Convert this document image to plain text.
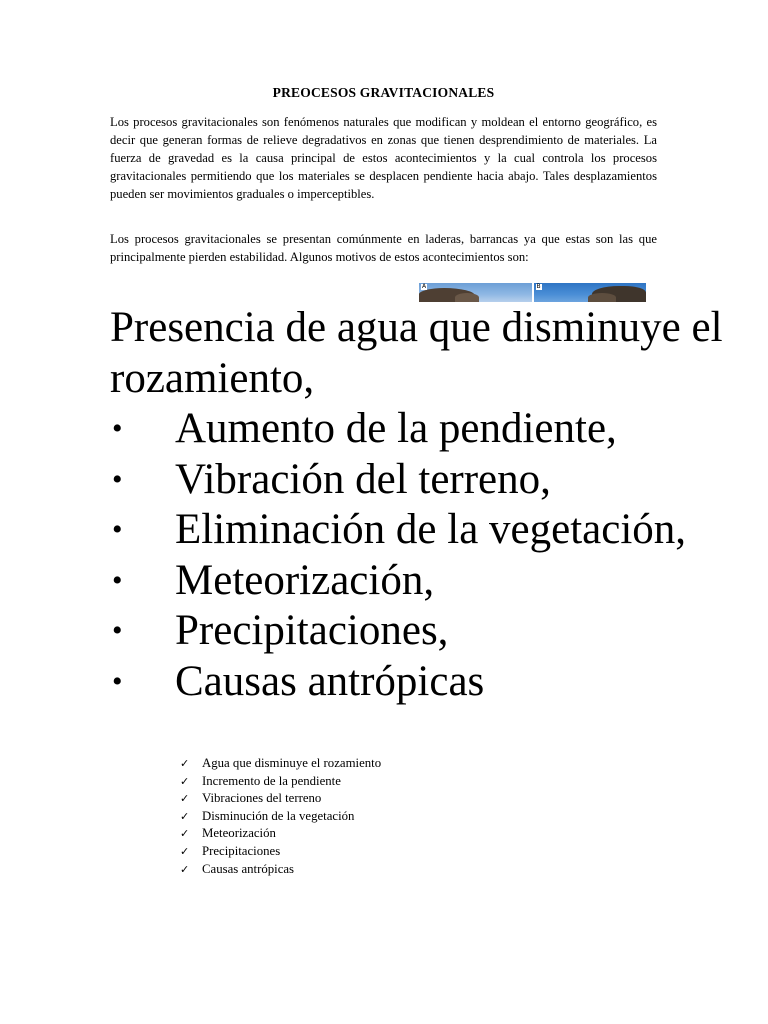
PREOCESOS GRAVITACIONALES

Los procesos gravitacionales son fenómenos naturales que modifican y moldean el entorno geográfico, es decir que generan formas de relieve degradativos en zonas que tienen desprendimiento de materiales. La fuerza de gravedad es la causa principal de estos acontecimientos y la cual controla los procesos gravitacionales permitiendo que los materiales se desplacen pendiente hacia abajo. Tales desplazamientos pueden ser movimientos graduales o imperceptibles.

Los procesos gravitacionales se presentan comúnmente en laderas, barrancas ya que estas son las que principalmente pierden estabilidad. Algunos motivos de estos acontecimientos son:

A	B
Presencia de agua que disminuye el rozamiento,
• Aumento de la pendiente,
• Vibración del terreno,
• Eliminación de la vegetación,
• Meteorización,
• Precipitaciones,
• Causas antrópicas
✓ Agua que disminuye el rozamiento
✓ Incremento de la pendiente
✓ Vibraciones del terreno
✓ Disminución de la vegetación
✓ Meteorización
✓ Precipitaciones
✓ Causas antrópicas
